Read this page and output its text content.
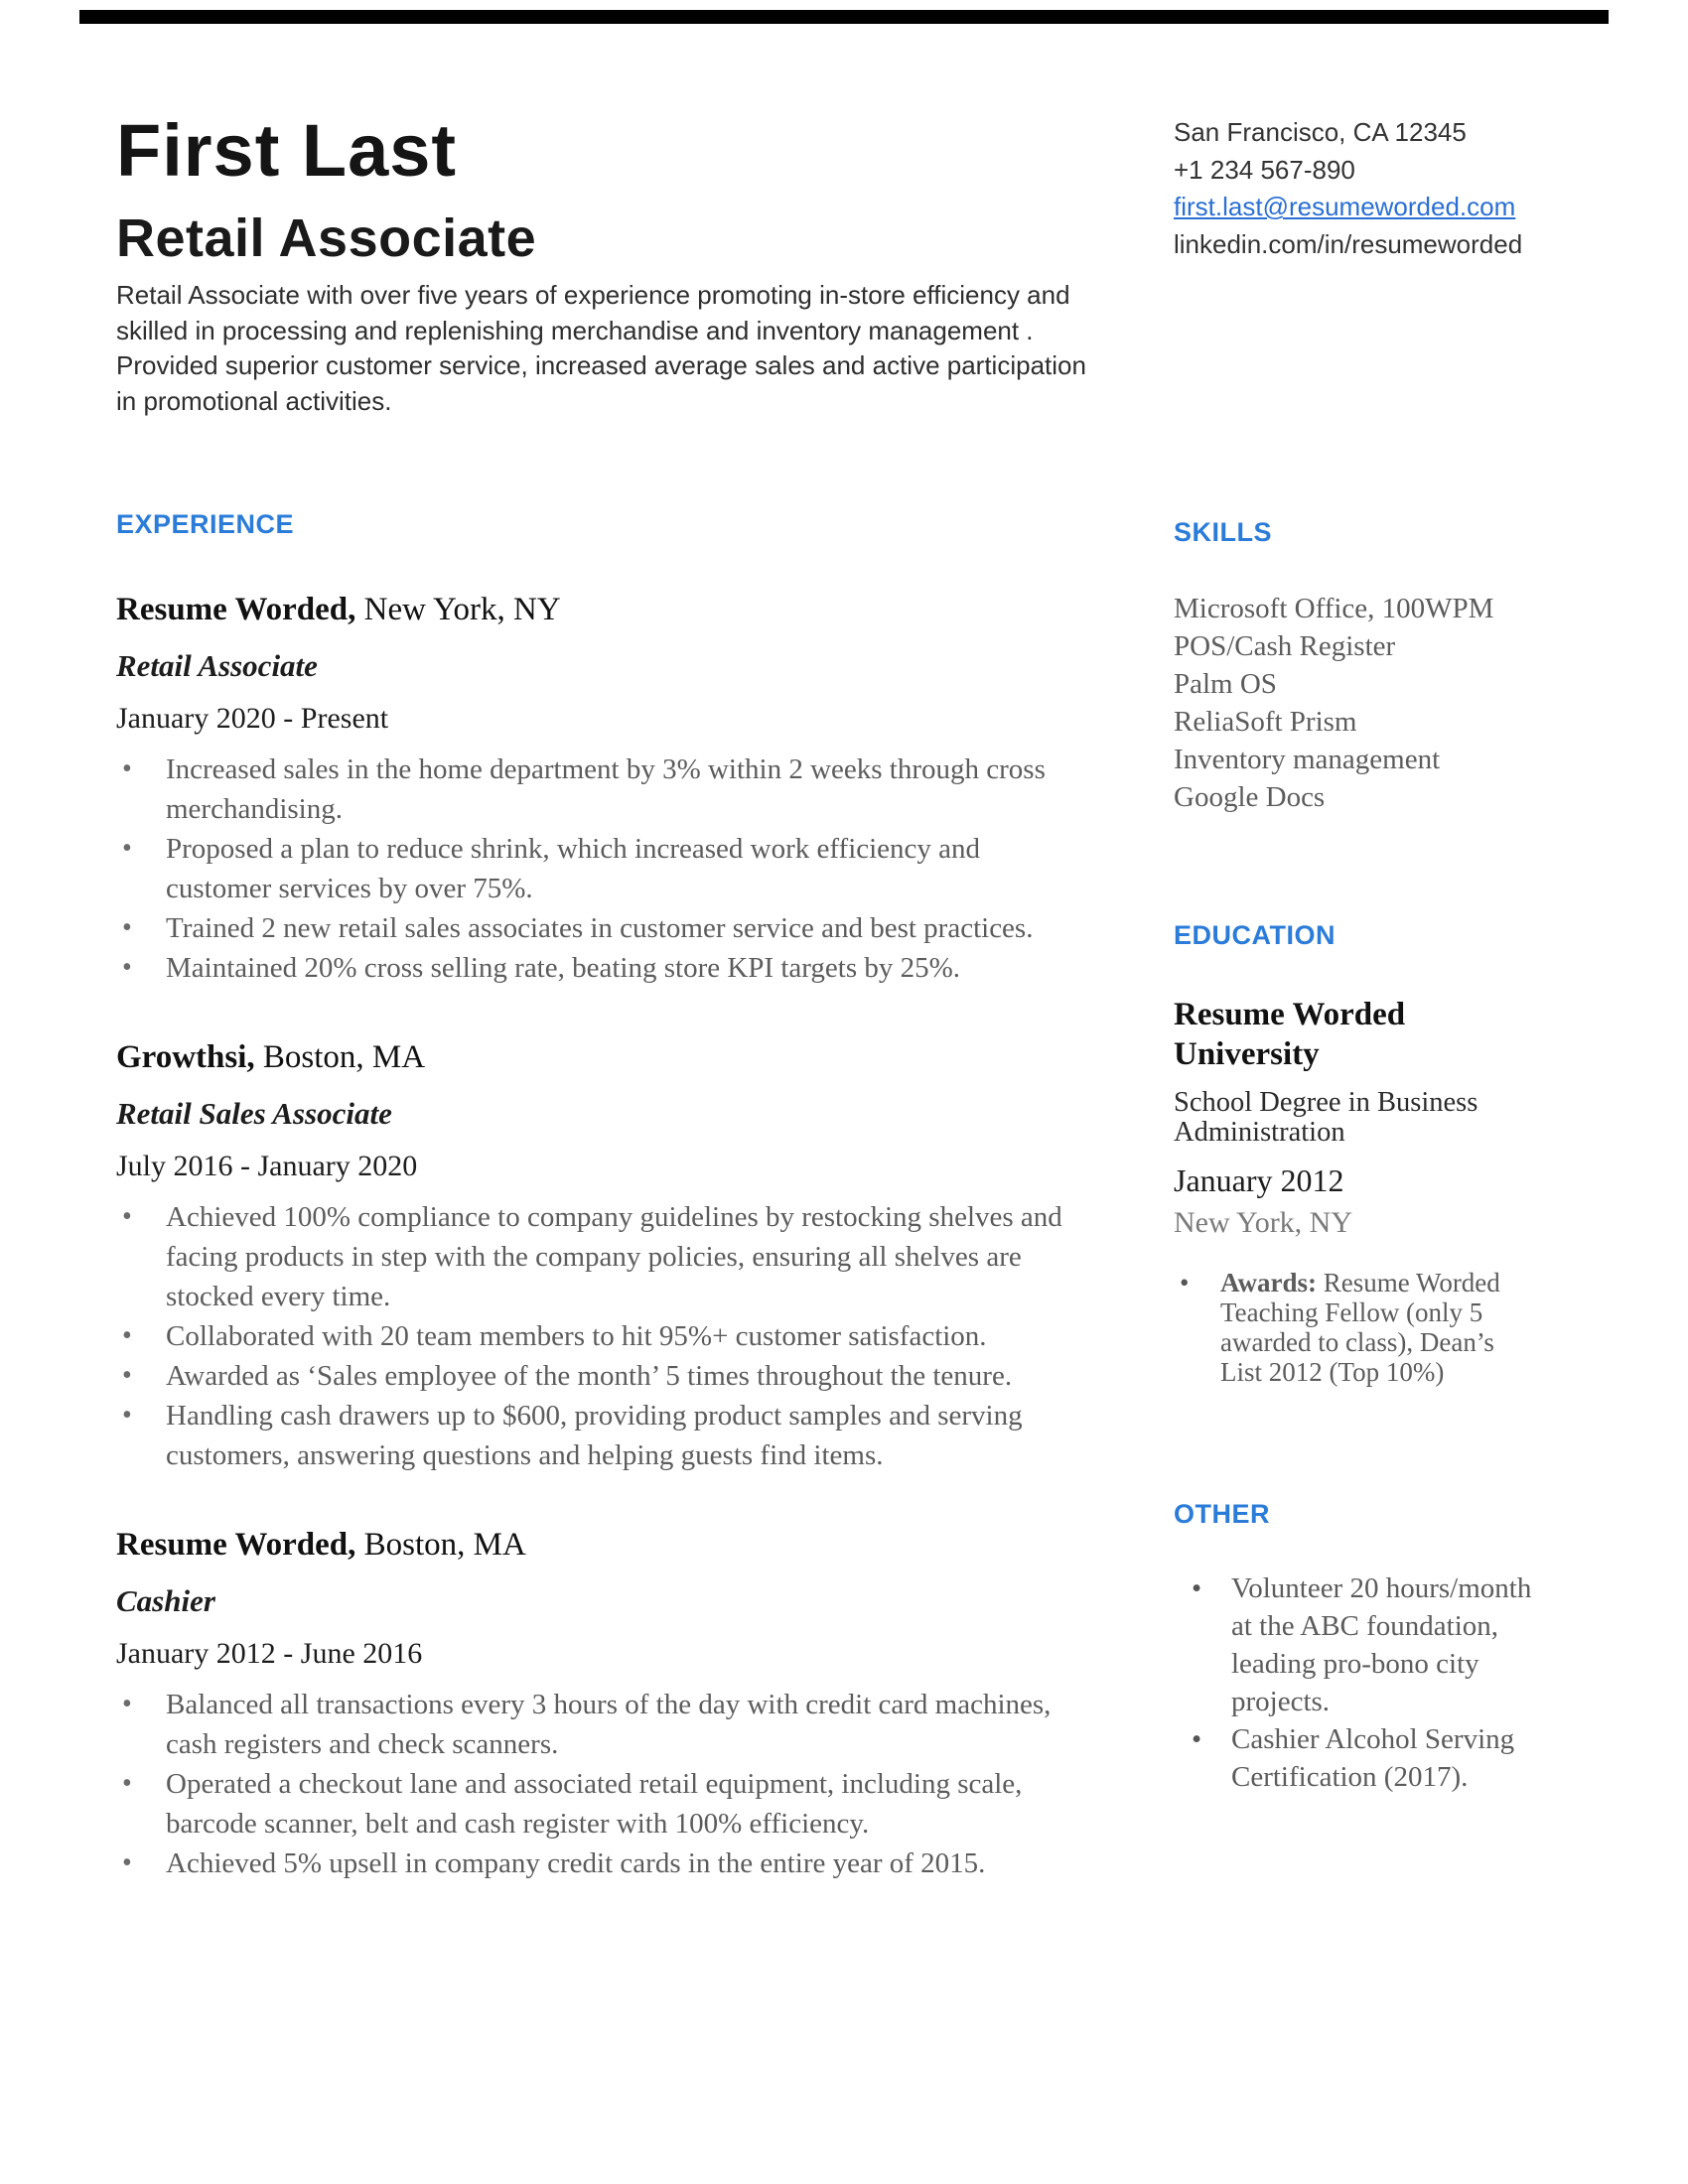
First Last
Retail Associate
Retail Associate with over five years of experience promoting in-store efficiency and skilled in processing and replenishing merchandise and inventory management . Provided superior customer service, increased average sales and active participation in promotional activities.
San Francisco, CA 12345
+1 234 567-890
first.last@resumeworded.com
linkedin.com/in/resumeworded
EXPERIENCE
Resume Worded, New York, NY
Retail Associate
January 2020 - Present
• Increased sales in the home department by 3% within 2 weeks through cross merchandising.
• Proposed a plan to reduce shrink, which increased work efficiency and customer services by over 75%.
• Trained 2 new retail sales associates in customer service and best practices.
• Maintained 20% cross selling rate, beating store KPI targets by 25%.
Growthsi, Boston, MA
Retail Sales Associate
July 2016 - January 2020
• Achieved 100% compliance to company guidelines by restocking shelves and facing products in step with the company policies, ensuring all shelves are stocked every time.
• Collaborated with 20 team members to hit 95%+ customer satisfaction.
• Awarded as ‘Sales employee of the month’ 5 times throughout the tenure.
• Handling cash drawers up to $600, providing product samples and serving customers, answering questions and helping guests find items.
Resume Worded, Boston, MA
Cashier
January 2012 - June 2016
• Balanced all transactions every 3 hours of the day with credit card machines, cash registers and check scanners.
• Operated a checkout lane and associated retail equipment, including scale, barcode scanner, belt and cash register with 100% efficiency.
• Achieved 5% upsell in company credit cards in the entire year of 2015.
SKILLS
Microsoft Office, 100WPM
POS/Cash Register
Palm OS
ReliaSoft Prism
Inventory management
Google Docs
EDUCATION
Resume Worded University
School Degree in Business Administration
January 2012
New York, NY
• Awards: Resume Worded Teaching Fellow (only 5 awarded to class), Dean’s List 2012 (Top 10%)
OTHER
• Volunteer 20 hours/month at the ABC foundation, leading pro-bono city projects.
• Cashier Alcohol Serving Certification (2017).
